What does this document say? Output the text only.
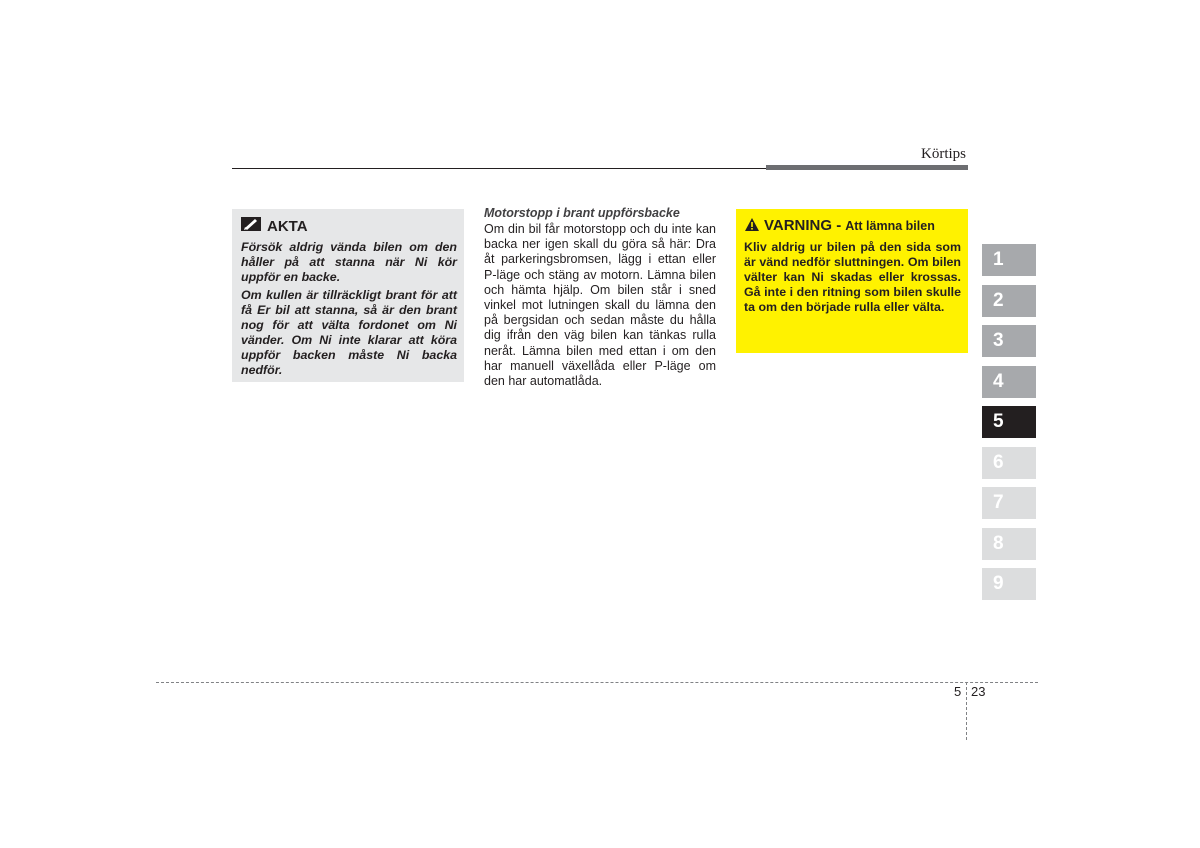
Körtips
AKTA

Försök aldrig vända bilen om den håller på att stanna när Ni kör uppför en backe.

Om kullen är tillräckligt brant för att få Er bil att stanna, så är den brant nog för att välta fordonet om Ni vänder. Om Ni inte klarar att köra uppför backen måste Ni backa nedför.

Motorstopp i brant uppförsbacke

Om din bil får motorstopp och du inte kan backa ner igen skall du göra så här: Dra åt parkeringsbromsen, lägg i ettan eller P-läge och stäng av motorn. Lämna bilen och hämta hjälp. Om bilen står i sned vinkel mot lutningen skall du lämna den på bergsidan och sedan måste du hålla dig ifrån den väg bilen kan tänkas rulla neråt. Lämna bilen med ettan i om den har manuell växellåda eller P-läge om den har automatlåda.

VARNING - Att lämna bilen

Kliv aldrig ur bilen på den sida som är vänd nedför sluttningen. Om bilen välter kan Ni skadas eller krossas. Gå inte i den ritning som bilen skulle ta om den började rulla eller välta.

1
2
3
4
5
6
7
8
9
5 23
